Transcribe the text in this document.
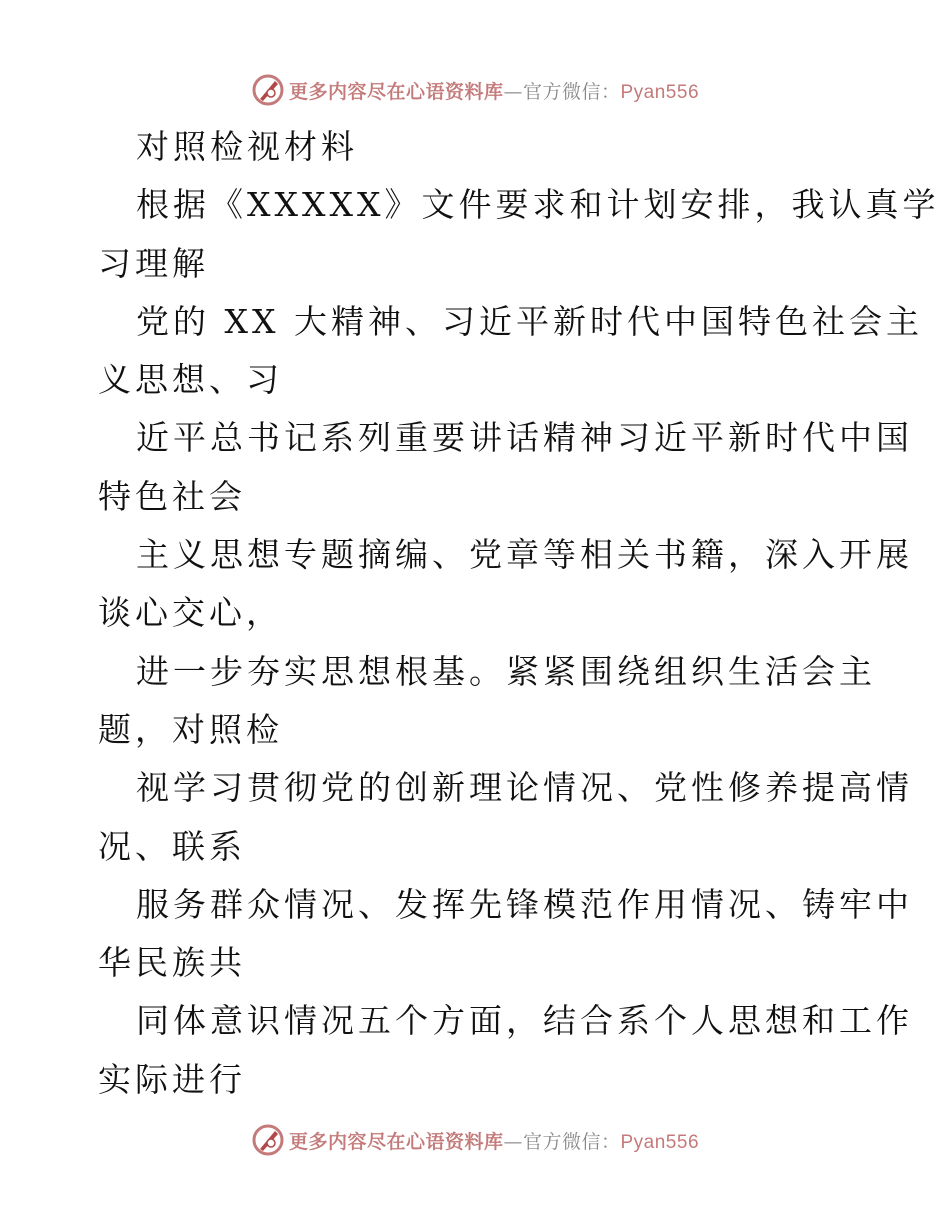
更多内容尽在心语资料库—官方微信：Pyan556
对照检视材料
根据《XXXXX》文件要求和计划安排，我认真学
习理解
党的 XX 大精神、习近平新时代中国特色社会主
义思想、习
近平总书记系列重要讲话精神习近平新时代中国
特色社会
主义思想专题摘编、党章等相关书籍，深入开展
谈心交心，
进一步夯实思想根基。紧紧围绕组织生活会主
题，对照检
视学习贯彻党的创新理论情况、党性修养提高情
况、联系
服务群众情况、发挥先锋模范作用情况、铸牢中
华民族共
同体意识情况五个方面，结合系个人思想和工作
实际进行
更多内容尽在心语资料库—官方微信：Pyan556
